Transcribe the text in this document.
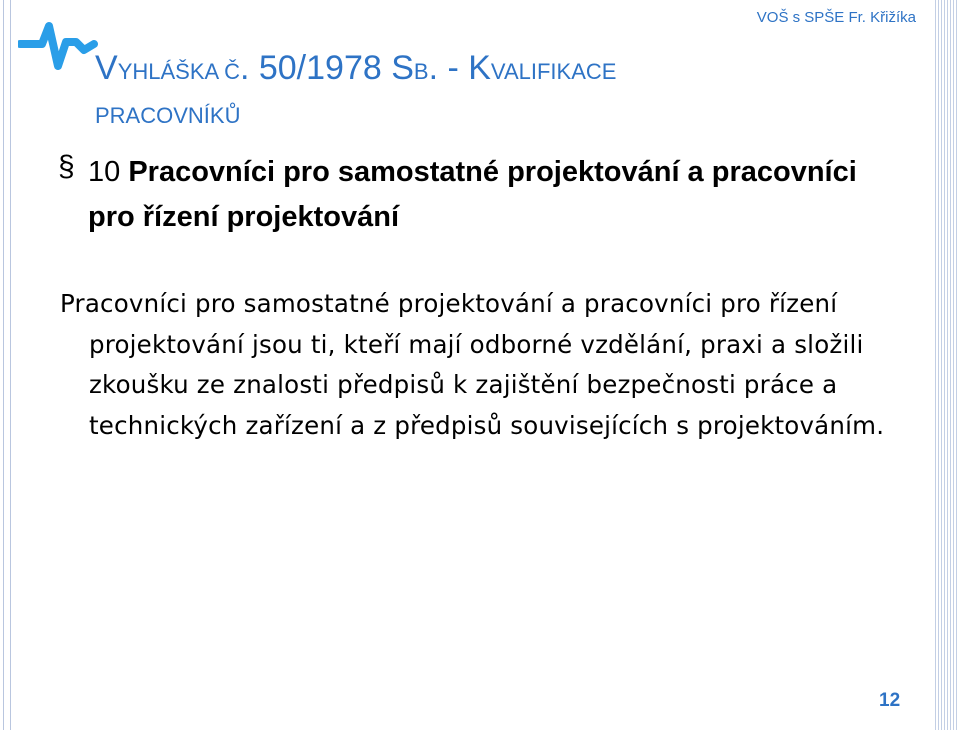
VOŠ s SPŠE Fr. Křižíka
VYHLÁŠKA Č. 50/1978 SB. - KVALIFIKACE
PRACOVNÍKŮ
§ 10 Pracovníci pro samostatné projektování a pracovníci pro řízení projektování

Pracovníci pro samostatné projektování a pracovníci pro řízení projektování jsou ti, kteří mají odborné vzdělání, praxi a složili zkoušku ze znalosti předpisů k zajištění bezpečnosti práce a technických zařízení a z předpisů souvisejících s projektováním.

12
